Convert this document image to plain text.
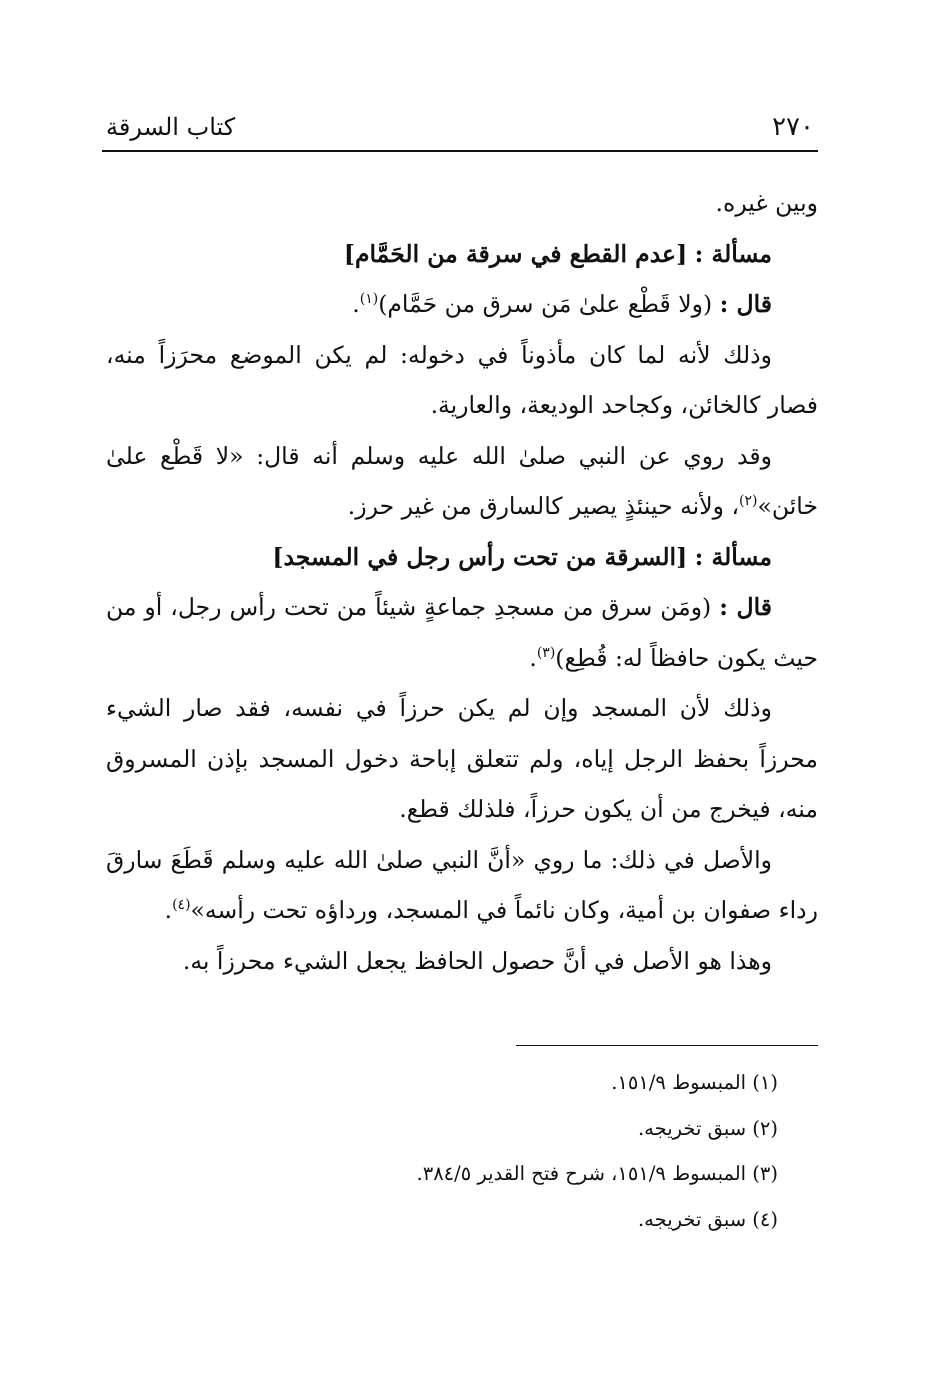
٢٧٠
كتاب السرقة

وبين غيره.

مسألة : [عدم القطع في سرقة من الحَمَّام]

قال : (ولا قَطْع علىٰ مَن سرق من حَمَّام)$^{(١)}$.

وذلك لأنه لما كان مأذوناً في دخوله: لم يكن الموضع محرَزاً منه، فصار كالخائن، وكجاحد الوديعة، والعارية.

وقد روي عن النبي صلىٰ الله عليه وسلم أنه قال: «لا قَطْع علىٰ خائن»$^{(٢)}$، ولأنه حينئذٍ يصير كالسارق من غير حرز.

مسألة : [السرقة من تحت رأس رجل في المسجد]

قال : (ومَن سرق من مسجدِ جماعةٍ شيئاً من تحت رأس رجل، أو من حيث يكون حافظاً له: قُطِع)$^{(٣)}$.

وذلك لأن المسجد وإن لم يكن حرزاً في نفسه، فقد صار الشيء محرزاً بحفظ الرجل إياه، ولم تتعلق إباحة دخول المسجد بإذن المسروق منه، فيخرج من أن يكون حرزاً، فلذلك قطع.

والأصل في ذلك: ما روي «أنَّ النبي صلىٰ الله عليه وسلم قَطَعَ سارقَ رداء صفوان بن أمية، وكان نائماً في المسجد، ورداؤه تحت رأسه»$^{(٤)}$.

وهذا هو الأصل في أنَّ حصول الحافظ يجعل الشيء محرزاً به.

(١) المبسوط ١٥١/٩.
(٢) سبق تخريجه.
(٣) المبسوط ١٥١/٩، شرح فتح القدير ٣٨٤/٥.
(٤) سبق تخريجه.
